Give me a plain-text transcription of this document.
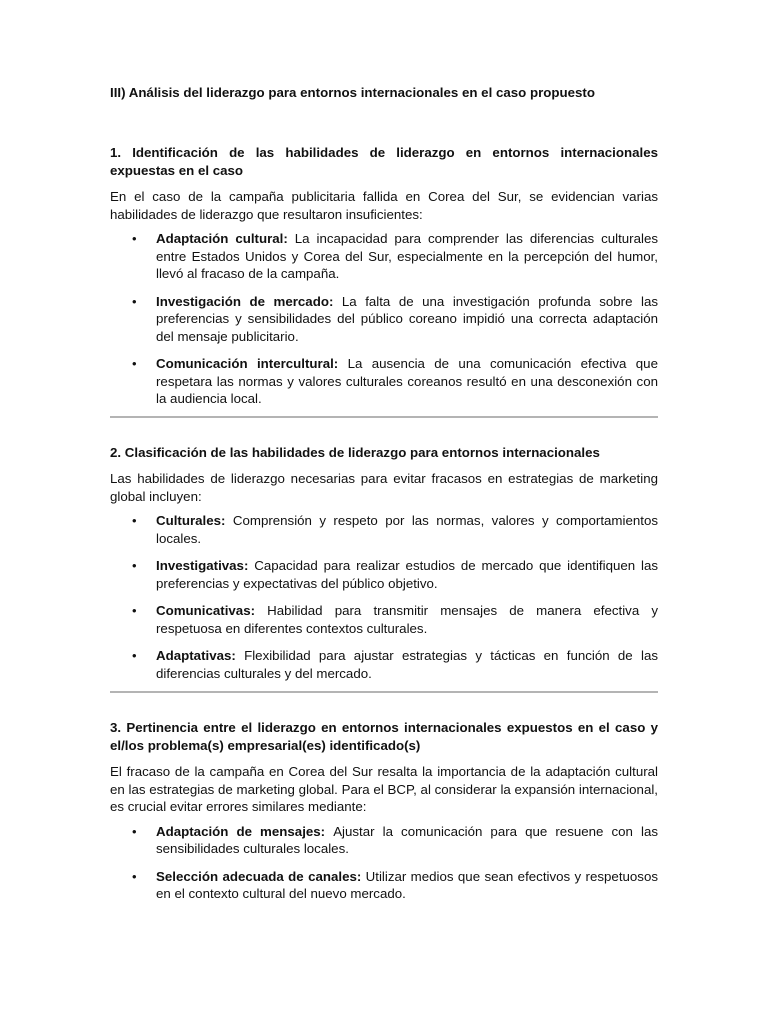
III) Análisis del liderazgo para entornos internacionales en el caso propuesto
1. Identificación de las habilidades de liderazgo en entornos internacionales expuestas en el caso

En el caso de la campaña publicitaria fallida en Corea del Sur, se evidencian varias habilidades de liderazgo que resultaron insuficientes:

• Adaptación cultural: La incapacidad para comprender las diferencias culturales entre Estados Unidos y Corea del Sur, especialmente en la percepción del humor, llevó al fracaso de la campaña.
• Investigación de mercado: La falta de una investigación profunda sobre las preferencias y sensibilidades del público coreano impidió una correcta adaptación del mensaje publicitario.
• Comunicación intercultural: La ausencia de una comunicación efectiva que respetara las normas y valores culturales coreanos resultó en una desconexión con la audiencia local.
2. Clasificación de las habilidades de liderazgo para entornos internacionales

Las habilidades de liderazgo necesarias para evitar fracasos en estrategias de marketing global incluyen:

• Culturales: Comprensión y respeto por las normas, valores y comportamientos locales.
• Investigativas: Capacidad para realizar estudios de mercado que identifiquen las preferencias y expectativas del público objetivo.
• Comunicativas: Habilidad para transmitir mensajes de manera efectiva y respetuosa en diferentes contextos culturales.
• Adaptativas: Flexibilidad para ajustar estrategias y tácticas en función de las diferencias culturales y del mercado.
3. Pertinencia entre el liderazgo en entornos internacionales expuestos en el caso y el/los problema(s) empresarial(es) identificado(s)

El fracaso de la campaña en Corea del Sur resalta la importancia de la adaptación cultural en las estrategias de marketing global. Para el BCP, al considerar la expansión internacional, es crucial evitar errores similares mediante:

• Adaptación de mensajes: Ajustar la comunicación para que resuene con las sensibilidades culturales locales.
• Selección adecuada de canales: Utilizar medios que sean efectivos y respetuosos en el contexto cultural del nuevo mercado.
